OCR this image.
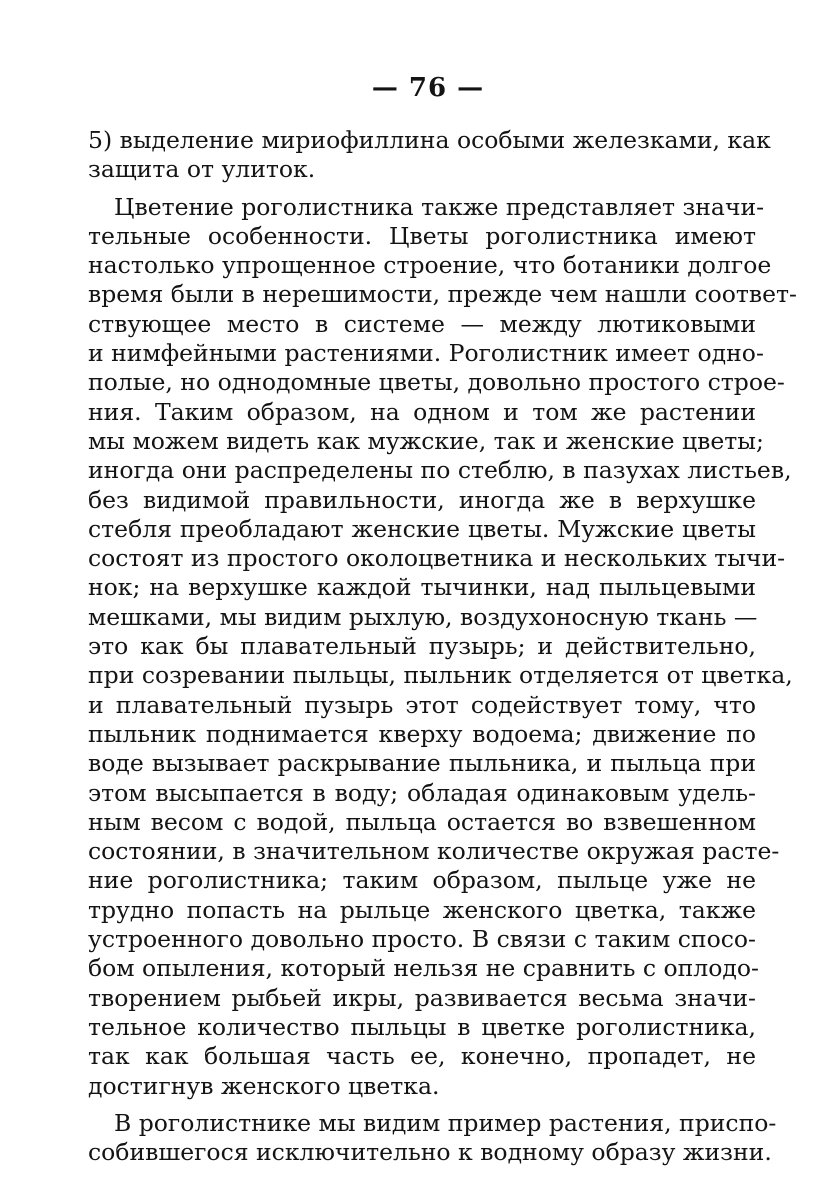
— 76 —
5) выделение мириофиллина особыми железками, как
защита от улиток.
Цветение роголистника также представляет значи-
тельные особенности. Цветы роголистника имеют
настолько упрощенное строение, что ботаники долгое
время были в нерешимости, прежде чем нашли соответ-
ствующее место в системе — между лютиковыми
и нимфейными растениями. Роголистник имеет одно-
полые, но однодомные цветы, довольно простого строе-
ния. Таким образом, на одном и том же растении
мы можем видеть как мужские, так и женские цветы;
иногда они распределены по стеблю, в пазухах листьев,
без видимой правильности, иногда же в верхушке
стебля преобладают женские цветы. Мужские цветы
состоят из простого околоцветника и нескольких тычи-
нок; на верхушке каждой тычинки, над пыльцевыми
мешками, мы видим рыхлую, воздухоносную ткань —
это как бы плавательный пузырь; и действительно,
при созревании пыльцы, пыльник отделяется от цветка,
и плавательный пузырь этот содействует тому, что
пыльник поднимается кверху водоема; движение по
воде вызывает раскрывание пыльника, и пыльца при
этом высыпается в воду; обладая одинаковым удель-
ным весом с водой, пыльца остается во взвешенном
состоянии, в значительном количестве окружая расте-
ние роголистника; таким образом, пыльце уже не
трудно попасть на рыльце женского цветка, также
устроенного довольно просто. В связи с таким спосо-
бом опыления, который нельзя не сравнить с оплодо-
творением рыбьей икры, развивается весьма значи-
тельное количество пыльцы в цветке роголистника,
так как большая часть ее, конечно, пропадет, не
достигнув женского цветка.
В роголистнике мы видим пример растения, приспо-
собившегося исключительно к водному образу жизни.
